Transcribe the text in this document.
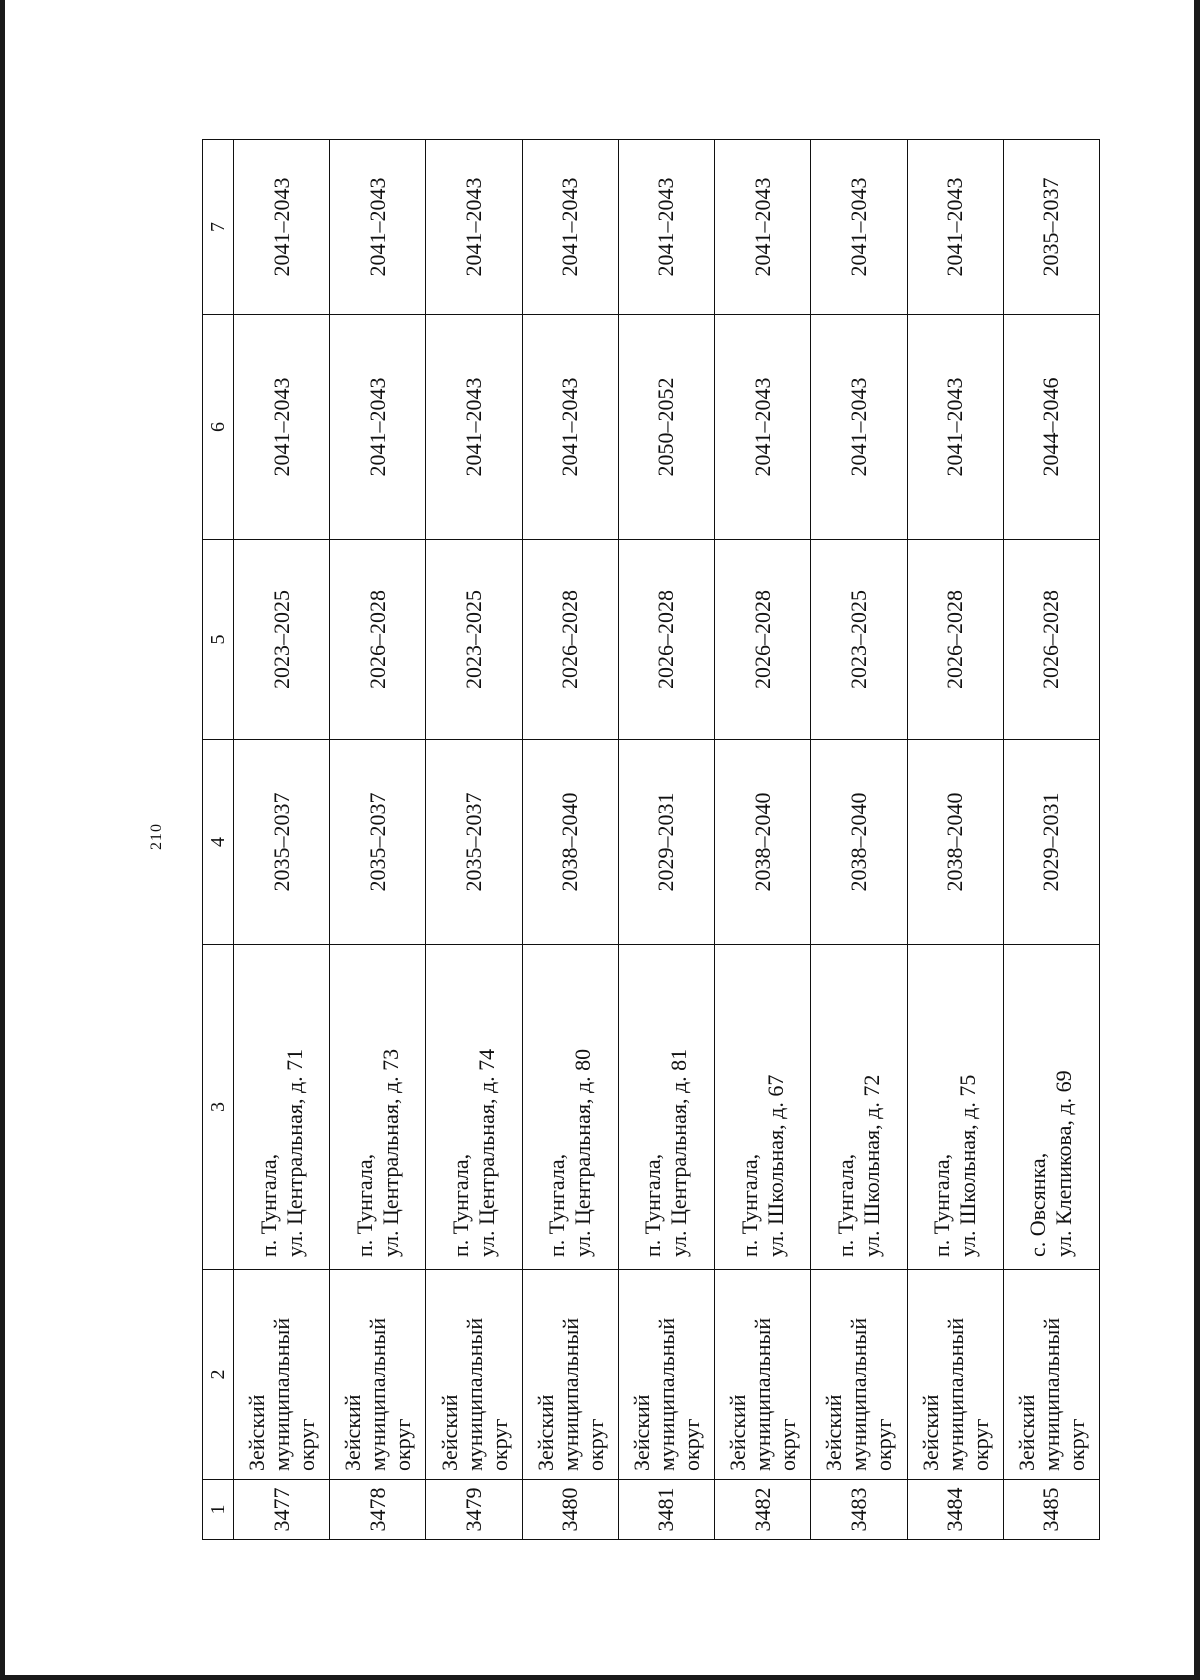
210
1	2	3	4	5	6	7
3477	Зейский муниципальный округ	п. Тунгала, ул. Центральная, д. 71	2035–2037	2023–2025	2041–2043	2041–2043
3478	Зейский муниципальный округ	п. Тунгала, ул. Центральная, д. 73	2035–2037	2026–2028	2041–2043	2041–2043
3479	Зейский муниципальный округ	п. Тунгала, ул. Центральная, д. 74	2035–2037	2023–2025	2041–2043	2041–2043
3480	Зейский муниципальный округ	п. Тунгала, ул. Центральная, д. 80	2038–2040	2026–2028	2041–2043	2041–2043
3481	Зейский муниципальный округ	п. Тунгала, ул. Центральная, д. 81	2029–2031	2026–2028	2050–2052	2041–2043
3482	Зейский муниципальный округ	п. Тунгала, ул. Школьная, д. 67	2038–2040	2026–2028	2041–2043	2041–2043
3483	Зейский муниципальный округ	п. Тунгала, ул. Школьная, д. 72	2038–2040	2023–2025	2041–2043	2041–2043
3484	Зейский муниципальный округ	п. Тунгала, ул. Школьная, д. 75	2038–2040	2026–2028	2041–2043	2041–2043
3485	Зейский муниципальный округ	с. Овсянка, ул. Клепикова, д. 69	2029–2031	2026–2028	2044–2046	2035–2037
